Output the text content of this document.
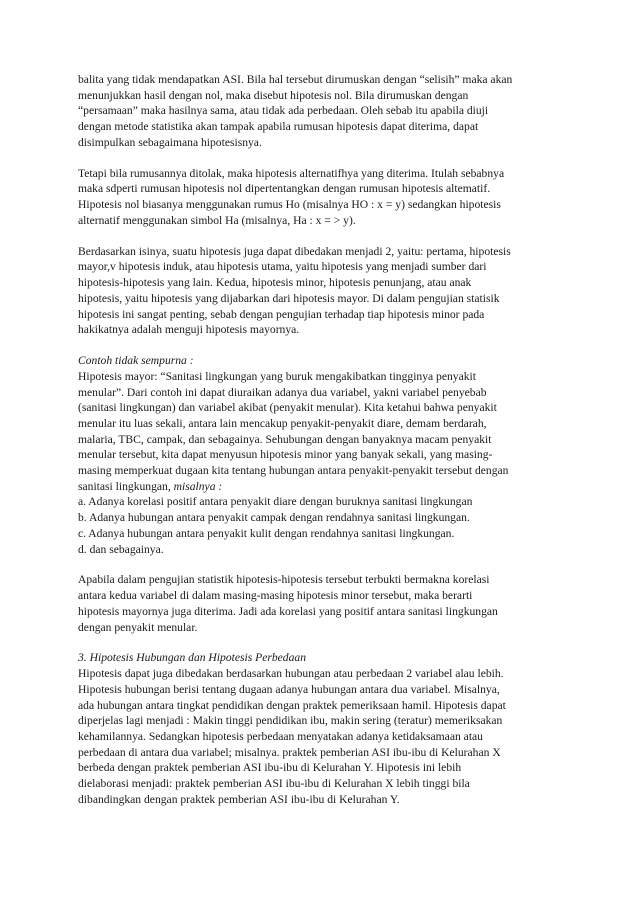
balita yang tidak mendapatkan ASI. Bila hal tersebut dirumuskan dengan “selisih” maka akan
menunjukkan hasil dengan nol, maka disebut hipotesis nol. Bila dirumuskan dengan
“persamaan” maka hasilnya sama, atau tidak ada perbedaan. Oleh sebab itu apabila diuji
dengan metode statistika akan tampak apabila rumusan hipotesis dapat diterima, dapat
disimpulkan sebagaimana hipotesisnya.

Tetapi bila rumusannya ditolak, maka hipotesis alternatifhya yang diterima. Itulah sebabnya
maka sdperti rumusan hipotesis nol dipertentangkan dengan rumusan hipotesis altematif.
Hipotesis nol biasanya menggunakan rumus Ho (misalnya HO : x = y) sedangkan hipotesis
alternatif menggunakan simbol Ha (misalnya, Ha : x = > y).

Berdasarkan isinya, suatu hipotesis juga dapat dibedakan menjadi 2, yaitu: pertama, hipotesis
mayor,v hipotesis induk, atau hipotesis utama, yaitu hipotesis yang menjadi sumber dari
hipotesis-hipotesis yang lain. Kedua, hipotesis minor, hipotesis penunjang, atau anak
hipotesis, yaitu hipotesis yang dijabarkan dari hipotesis mayor. Di dalam pengujian statisik
hipotesis ini sangat penting, sebab dengan pengujian terhadap tiap hipotesis minor pada
hakikatnya adalah menguji hipotesis mayornya.

Contoh tidak sempurna :
Hipotesis mayor: “Sanitasi lingkungan yang buruk mengakibatkan tingginya penyakit
menular”. Dari contoh ini dapat diuraikan adanya dua variabel, yakni variabel penyebab
(sanitasi lingkungan) dan variabel akibat (penyakit menular). Kita ketahui bahwa penyakit
menular itu luas sekali, antara lain mencakup penyakit-penyakit diare, demam berdarah,
malaria, TBC, campak, dan sebagainya. Sehubungan dengan banyaknya macam penyakit
menular tersebut, kita dapat menyusun hipotesis minor yang banyak sekali, yang masing-
masing memperkuat dugaan kita tentang hubungan antara penyakit-penyakit tersebut dengan
sanitasi lingkungan, misalnya :
a. Adanya korelasi positif antara penyakit diare dengan buruknya sanitasi lingkungan
b. Adanya hubungan antara penyakit campak dengan rendahnya sanitasi lingkungan.
c. Adanya hubungan antara penyakit kulit dengan rendahnya sanitasi lingkungan.
d. dan sebagainya.

Apabila dalam pengujian statistik hipotesis-hipotesis tersebut terbukti bermakna korelasi
antara kedua variabel di dalam masing-masing hipotesis minor tersebut, maka berarti
hipotesis mayornya juga diterima. Jadi ada korelasi yang positif antara sanitasi lingkungan
dengan penyakit menular.

3. Hipotesis Hubungan dan Hipotesis Perbedaan
Hipotesis dapat juga dibedakan berdasarkan hubungan atau perbedaan 2 variabel alau lebih.
Hipotesis hubungan berisi tentang dugaan adanya hubungan antara dua variabel. Misalnya,
ada hubungan antara tingkat pendidikan dengan praktek pemeriksaan hamil. Hipotesis dapat
diperjelas lagi menjadi : Makin tinggi pendidikan ibu, makin sering (teratur) memeriksakan
kehamilannya. Sedangkan hipotesis perbedaan menyatakan adanya ketidaksamaan atau
perbedaan di antara dua variabel; misalnya. praktek pemberian ASI ibu-ibu di Kelurahan X
berbeda dengan praktek pemberian ASI ibu-ibu di Kelurahan Y. Hipotesis ini lebih
dielaborasi menjadi: praktek pemberian ASI ibu-ibu di Kelurahan X lebih tinggi bila
dibandingkan dengan praktek pemberian ASI ibu-ibu di Kelurahan Y.
